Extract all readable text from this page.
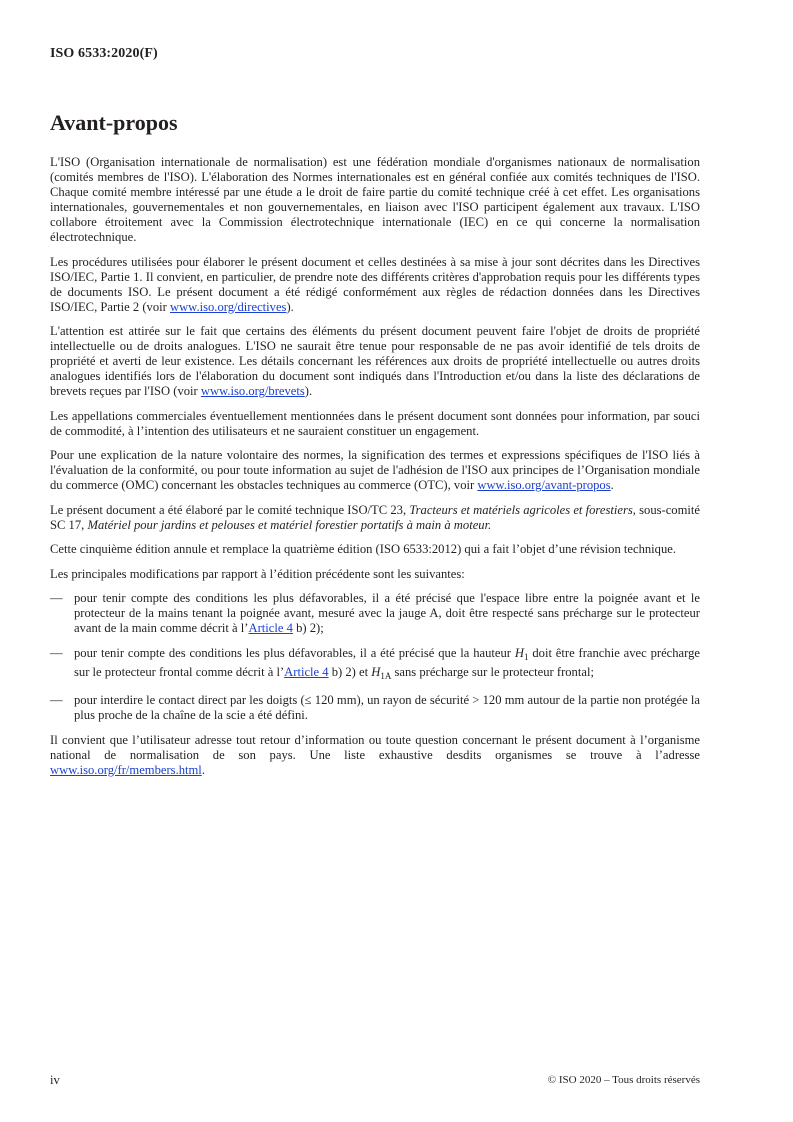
ISO 6533:2020(F)
Avant-propos

L'ISO (Organisation internationale de normalisation) est une fédération mondiale d'organismes nationaux de normalisation (comités membres de l'ISO). L'élaboration des Normes internationales est en général confiée aux comités techniques de l'ISO. Chaque comité membre intéressé par une étude a le droit de faire partie du comité technique créé à cet effet. Les organisations internationales, gouvernementales et non gouvernementales, en liaison avec l'ISO participent également aux travaux. L'ISO collabore étroitement avec la Commission électrotechnique internationale (IEC) en ce qui concerne la normalisation électrotechnique.

Les procédures utilisées pour élaborer le présent document et celles destinées à sa mise à jour sont décrites dans les Directives ISO/IEC, Partie 1. Il convient, en particulier, de prendre note des différents critères d'approbation requis pour les différents types de documents ISO. Le présent document a été rédigé conformément aux règles de rédaction données dans les Directives ISO/IEC, Partie 2 (voir www.iso.org/directives).

L'attention est attirée sur le fait que certains des éléments du présent document peuvent faire l'objet de droits de propriété intellectuelle ou de droits analogues. L'ISO ne saurait être tenue pour responsable de ne pas avoir identifié de tels droits de propriété et averti de leur existence. Les détails concernant les références aux droits de propriété intellectuelle ou autres droits analogues identifiés lors de l'élaboration du document sont indiqués dans l'Introduction et/ou dans la liste des déclarations de brevets reçues par l'ISO (voir www.iso.org/brevets).

Les appellations commerciales éventuellement mentionnées dans le présent document sont données pour information, par souci de commodité, à l’intention des utilisateurs et ne sauraient constituer un engagement.

Pour une explication de la nature volontaire des normes, la signification des termes et expressions spécifiques de l'ISO liés à l'évaluation de la conformité, ou pour toute information au sujet de l'adhésion de l'ISO aux principes de l’Organisation mondiale du commerce (OMC) concernant les obstacles techniques au commerce (OTC), voir www.iso.org/avant-propos.

Le présent document a été élaboré par le comité technique ISO/TC 23, Tracteurs et matériels agricoles et forestiers, sous-comité SC 17, Matériel pour jardins et pelouses et matériel forestier portatifs à main à moteur.

Cette cinquième édition annule et remplace la quatrième édition (ISO 6533:2012) qui a fait l’objet d’une révision technique.

Les principales modifications par rapport à l’édition précédente sont les suivantes:

— pour tenir compte des conditions les plus défavorables, il a été précisé que l'espace libre entre la poignée avant et le protecteur de la mains tenant la poignée avant, mesuré avec la jauge A, doit être respecté sans précharge sur le protecteur avant de la main comme décrit à l’Article 4 b) 2);
— pour tenir compte des conditions les plus défavorables, il a été précisé que la hauteur $H_1$ doit être franchie avec précharge sur le protecteur frontal comme décrit à l’Article 4 b) 2) et $H_{1A}$ sans précharge sur le protecteur frontal;
— pour interdire le contact direct par les doigts (≤ 120 mm), un rayon de sécurité > 120 mm autour de la partie non protégée la plus proche de la chaîne de la scie a été défini.

Il convient que l’utilisateur adresse tout retour d’information ou toute question concernant le présent document à l’organisme national de normalisation de son pays. Une liste exhaustive desdits organismes se trouve à l’adresse www.iso.org/fr/members.html.

iv	© ISO 2020 – Tous droits réservés
